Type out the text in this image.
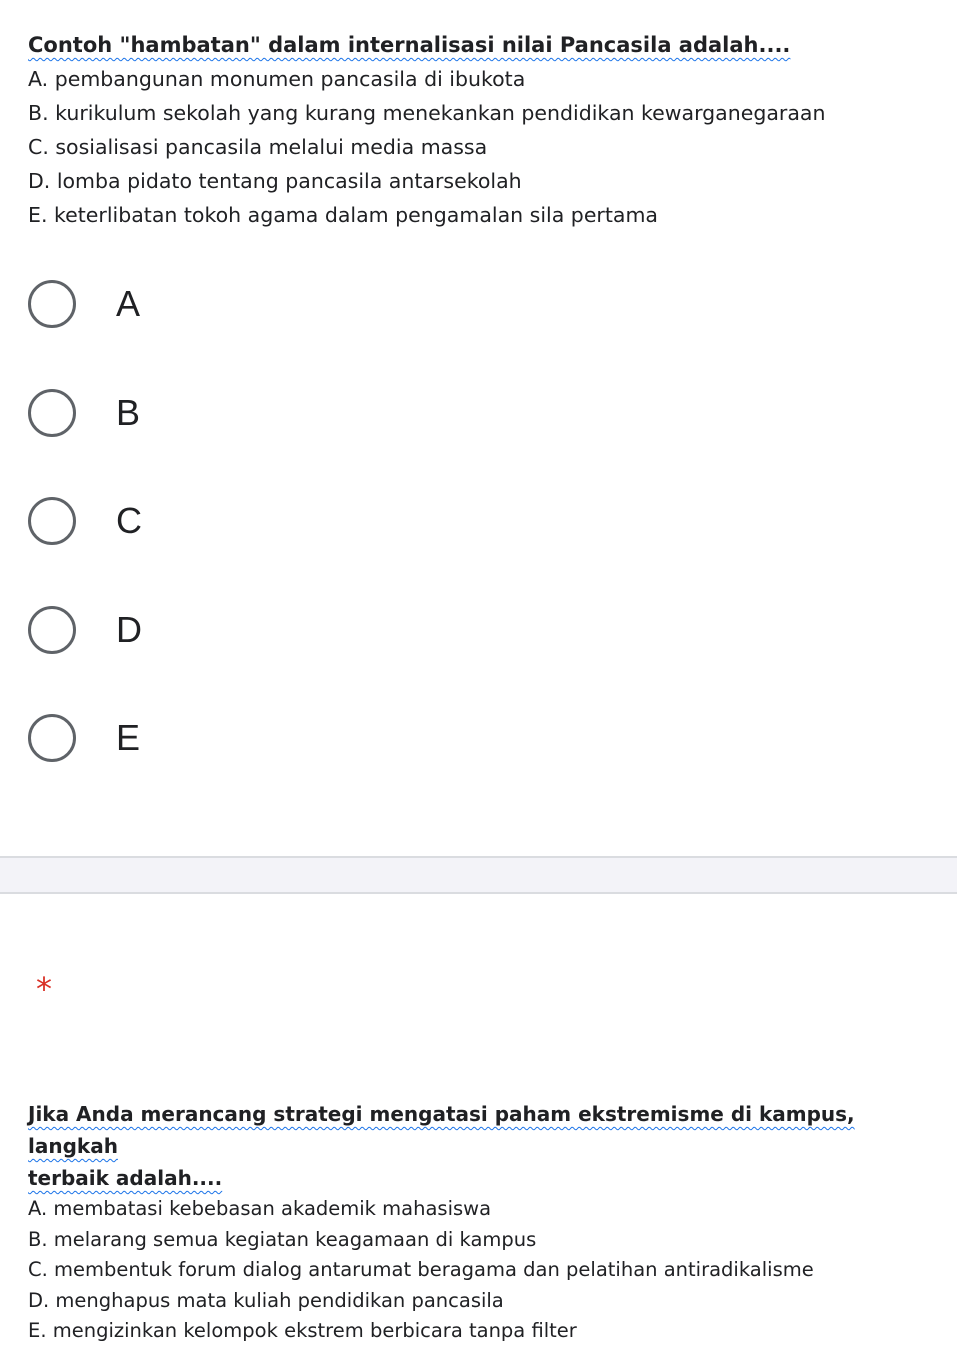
Contoh "hambatan" dalam internalisasi nilai Pancasila adalah....

A. pembangunan monumen pancasila di ibukota

B. kurikulum sekolah yang kurang menekankan pendidikan kewarganegaraan

C. sosialisasi pancasila melalui media massa

D. lomba pidato tentang pancasila antarsekolah

E. keterlibatan tokoh agama dalam pengamalan sila pertama

A
B
C
D
E
*

Jika Anda merancang strategi mengatasi paham ekstremisme di kampus, langkah

terbaik adalah....

A. membatasi kebebasan akademik mahasiswa

B. melarang semua kegiatan keagamaan di kampus

C. membentuk forum dialog antarumat beragama dan pelatihan antiradikalisme

D. menghapus mata kuliah pendidikan pancasila

E. mengizinkan kelompok ekstrem berbicara tanpa filter
